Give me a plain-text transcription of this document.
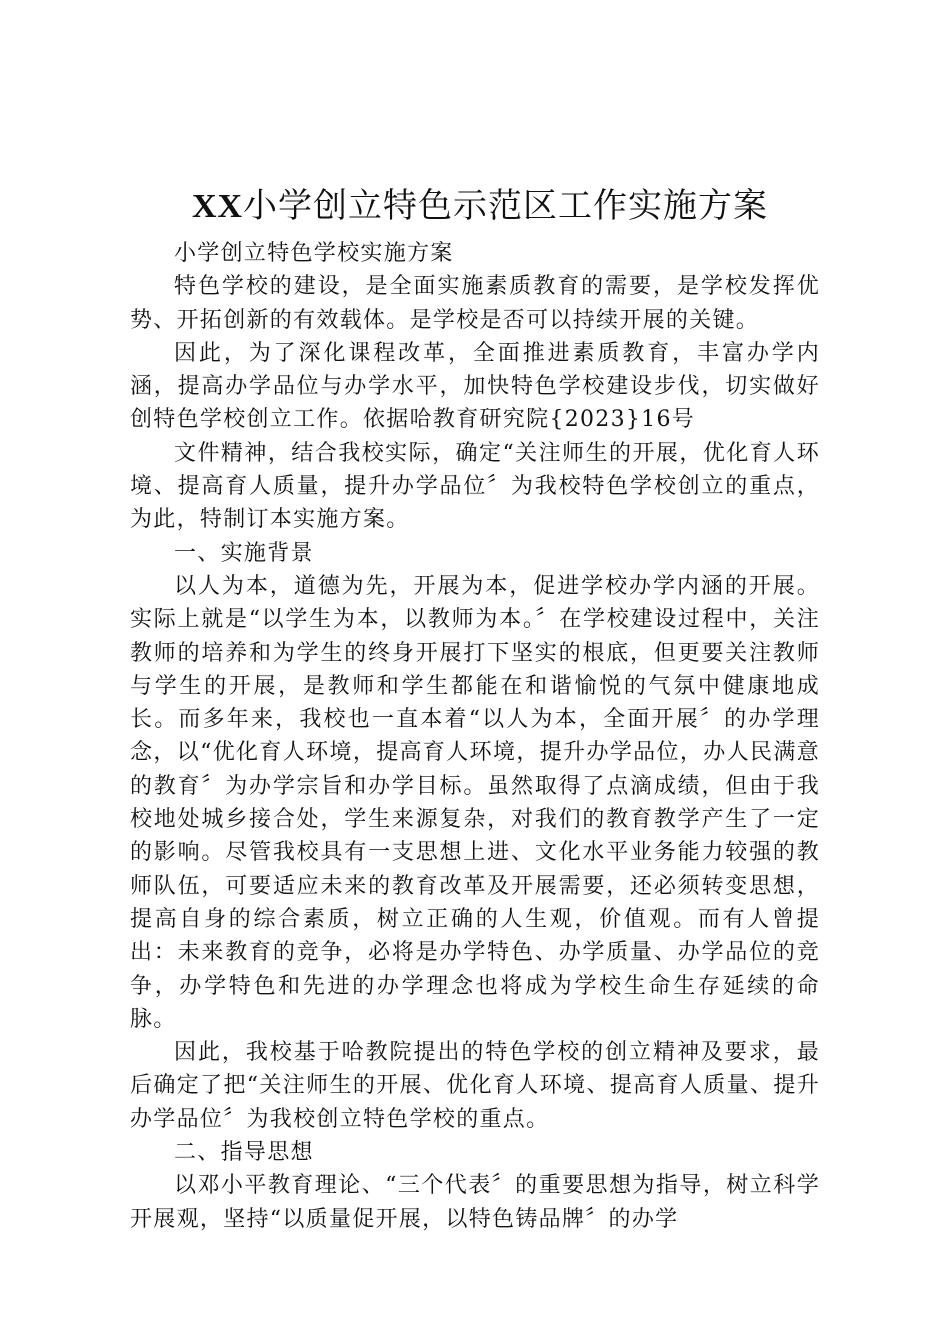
XX小学创立特色示范区工作实施方案

小学创立特色学校实施方案

特色学校的建设，是全面实施素质教育的需要，是学校发挥优势、开拓创新的有效载体。是学校是否可以持续开展的关键。

因此，为了深化课程改革，全面推进素质教育，丰富办学内涵，提高办学品位与办学水平，加快特色学校建设步伐，切实做好创特色学校创立工作。依据哈教育研究院{2023}16号

文件精神，结合我校实际，确定“关注师生的开展，优化育人环境、提高育人质量，提升办学品位〞为我校特色学校创立的重点，为此，特制订本实施方案。

一、实施背景

以人为本，道德为先，开展为本，促进学校办学内涵的开展。实际上就是“以学生为本，以教师为本。〞在学校建设过程中，关注教师的培养和为学生的终身开展打下坚实的根底，但更要关注教师与学生的开展，是教师和学生都能在和谐愉悦的气氛中健康地成长。而多年来，我校也一直本着“以人为本，全面开展〞的办学理念，以“优化育人环境，提高育人环境，提升办学品位，办人民满意的教育〞为办学宗旨和办学目标。虽然取得了点滴成绩，但由于我校地处城乡接合处，学生来源复杂，对我们的教育教学产生了一定的影响。尽管我校具有一支思想上进、文化水平业务能力较强的教师队伍，可要适应未来的教育改革及开展需要，还必须转变思想，提高自身的综合素质，树立正确的人生观，价值观。而有人曾提出：未来教育的竞争，必将是办学特色、办学质量、办学品位的竞争，办学特色和先进的办学理念也将成为学校生命生存延续的命脉。

因此，我校基于哈教院提出的特色学校的创立精神及要求，最后确定了把“关注师生的开展、优化育人环境、提高育人质量、提升办学品位〞为我校创立特色学校的重点。

二、指导思想

以邓小平教育理论、“三个代表〞的重要思想为指导，树立科学开展观，坚持“以质量促开展，以特色铸品牌〞的办学
